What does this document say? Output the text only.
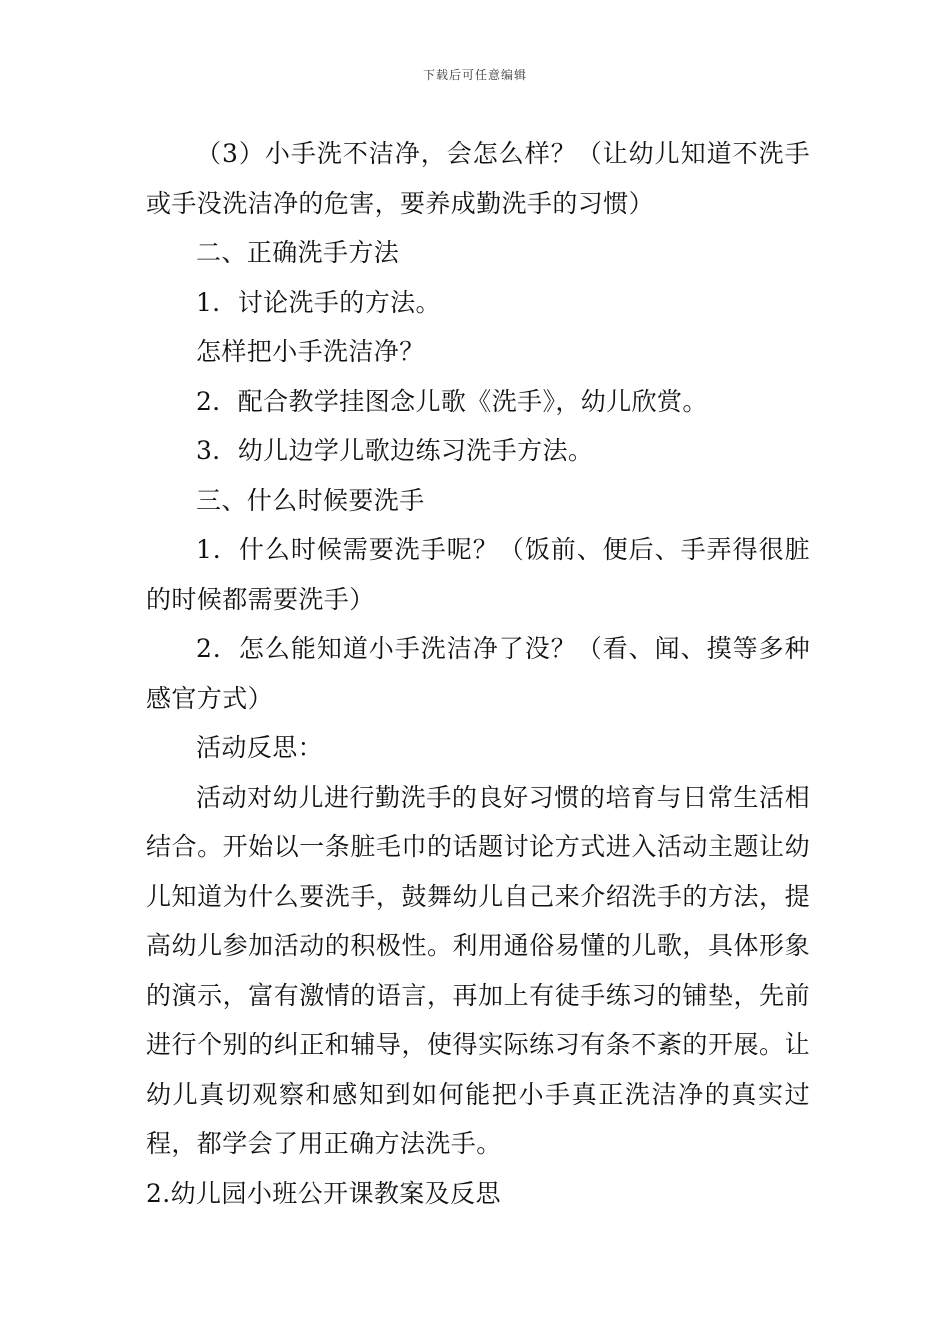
下载后可任意编辑

（3）小手洗不洁净，会怎么样？（让幼儿知道不洗手或手没洗洁净的危害，要养成勤洗手的习惯）

二、正确洗手方法

1．讨论洗手的方法。

怎样把小手洗洁净？

2．配合教学挂图念儿歌《洗手》，幼儿欣赏。

3．幼儿边学儿歌边练习洗手方法。

三、什么时候要洗手

1．什么时候需要洗手呢？（饭前、便后、手弄得很脏的时候都需要洗手）

2．怎么能知道小手洗洁净了没？（看、闻、摸等多种感官方式）

活动反思：

活动对幼儿进行勤洗手的良好习惯的培育与日常生活相结合。开始以一条脏毛巾的话题讨论方式进入活动主题让幼儿知道为什么要洗手，鼓舞幼儿自己来介绍洗手的方法，提高幼儿参加活动的积极性。利用通俗易懂的儿歌，具体形象的演示，富有激情的语言，再加上有徒手练习的铺垫，先前进行个别的纠正和辅导，使得实际练习有条不紊的开展。让幼儿真切观察和感知到如何能把小手真正洗洁净的真实过程，都学会了用正确方法洗手。

2.幼儿园小班公开课教案及反思
